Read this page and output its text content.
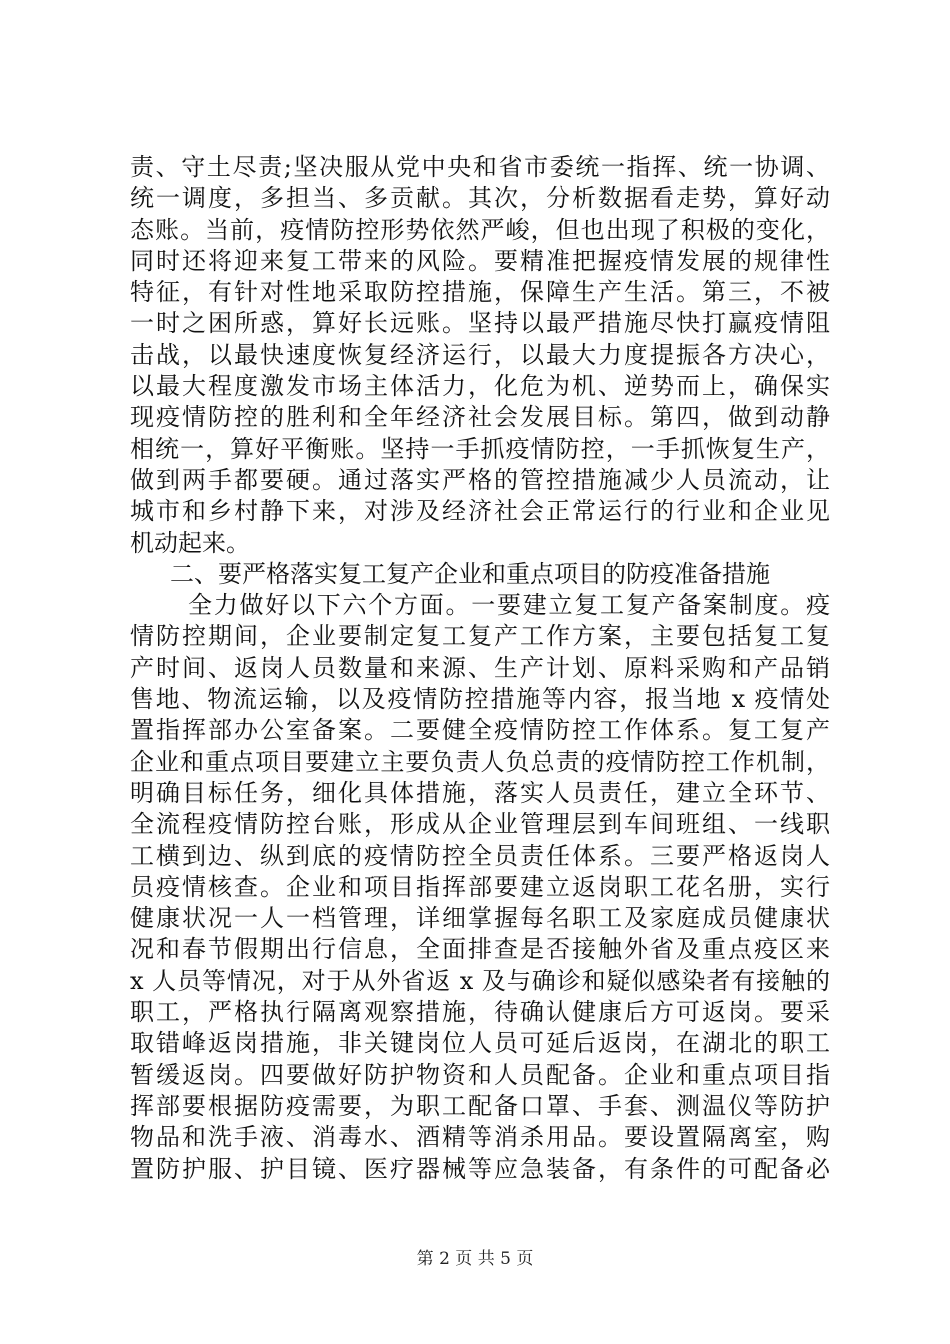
责、守土尽责;坚决服从党中央和省市委统一指挥、统一协调、
统一调度，多担当、多贡献。其次，分析数据看走势，算好动
态账。当前，疫情防控形势依然严峻，但也出现了积极的变化，
同时还将迎来复工带来的风险。要精准把握疫情发展的规律性
特征，有针对性地采取防控措施，保障生产生活。第三，不被
一时之困所惑，算好长远账。坚持以最严措施尽快打赢疫情阻
击战，以最快速度恢复经济运行，以最大力度提振各方决心，
以最大程度激发市场主体活力，化危为机、逆势而上，确保实
现疫情防控的胜利和全年经济社会发展目标。第四，做到动静
相统一，算好平衡账。坚持一手抓疫情防控，一手抓恢复生产，
做到两手都要硬。通过落实严格的管控措施减少人员流动，让
城市和乡村静下来，对涉及经济社会正常运行的行业和企业见
机动起来。
二、要严格落实复工复产企业和重点项目的防疫准备措施
全力做好以下六个方面。一要建立复工复产备案制度。疫
情防控期间，企业要制定复工复产工作方案，主要包括复工复
产时间、返岗人员数量和来源、生产计划、原料采购和产品销
售地、物流运输，以及疫情防控措施等内容，报当地 x 疫情处
置指挥部办公室备案。二要健全疫情防控工作体系。复工复产
企业和重点项目要建立主要负责人负总责的疫情防控工作机制，
明确目标任务，细化具体措施，落实人员责任，建立全环节、
全流程疫情防控台账，形成从企业管理层到车间班组、一线职
工横到边、纵到底的疫情防控全员责任体系。三要严格返岗人
员疫情核查。企业和项目指挥部要建立返岗职工花名册，实行
健康状况一人一档管理，详细掌握每名职工及家庭成员健康状
况和春节假期出行信息，全面排查是否接触外省及重点疫区来
x 人员等情况，对于从外省返 x 及与确诊和疑似感染者有接触的
职工，严格执行隔离观察措施，待确认健康后方可返岗。要采
取错峰返岗措施，非关键岗位人员可延后返岗，在湖北的职工
暂缓返岗。四要做好防护物资和人员配备。企业和重点项目指
挥部要根据防疫需要，为职工配备口罩、手套、测温仪等防护
物品和洗手液、消毒水、酒精等消杀用品。要设置隔离室，购
置防护服、护目镜、医疗器械等应急装备，有条件的可配备必
第 2 页 共 5 页
